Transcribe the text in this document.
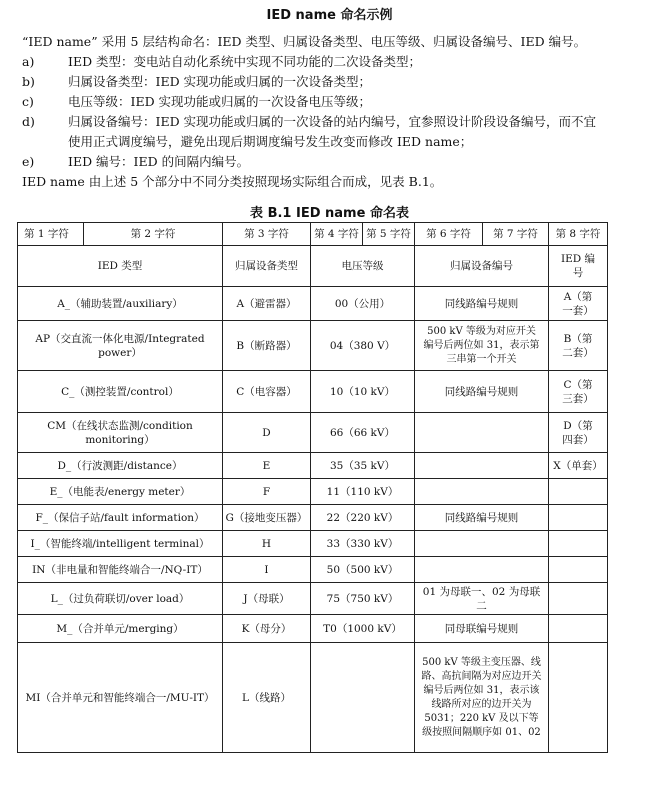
IED name 命名示例
“IED name” 采用 5 层结构命名：IED 类型、归属设备类型、电压等级、归属设备编号、IED 编号。
a)	IED 类型：变电站自动化系统中实现不同功能的二次设备类型；
b)	归属设备类型：IED 实现功能或归属的一次设备类型；
c)	电压等级：IED 实现功能或归属的一次设备电压等级；
d)	归属设备编号：IED 实现功能或归属的一次设备的站内编号，宜参照设计阶段设备编号，而不宜使用正式调度编号，避免出现后期调度编号发生改变而修改 IED name；
e)	IED 编号：IED 的间隔内编号。
IED name 由上述 5 个部分中不同分类按照现场实际组合而成，见表 B.1。
表 B.1 IED name 命名表
第 1 字符	第 2 字符	第 3 字符	第 4 字符	第 5 字符	第 6 字符	第 7 字符	第 8 字符
IED 类型		归属设备类型	电压等级		归属设备编号		IED 编号
A_（辅助装置/auxiliary）		A（避雷器）	00（公用）		同线路编号规则		A（第一套）
AP（交直流一体化电源/Integrated power）		B（断路器）	04（380 V）		500 kV 等级为对应开关编号后两位如 31，表示第三串第一个开关		B（第二套）
C_（测控装置/control）		C（电容器）	10（10 kV）		同线路编号规则		C（第三套）
CM（在线状态监测/condition monitoring）		D	66（66 kV）				D（第四套）
D_（行波测距/distance）		E	35（35 kV）				X（单套）
E_（电能表/energy meter）		F	11（110 kV）				
F_（保信子站/fault information）		G（接地变压器）	22（220 kV）		同线路编号规则		
I_（智能终端/intelligent terminal）		H	33（330 kV）				
IN（非电量和智能终端合一/NQ-IT）		I	50（500 kV）				
L_（过负荷联切/over load）		J（母联）	75（750 kV）		01 为母联一、02 为母联二		
M_（合并单元/merging）		K（母分）	T0（1000 kV）		同母联编号规则		
MI（合并单元和智能终端合一/MU-IT）		L（线路）			500 kV 等级主变压器、线路、高抗间隔为对应边开关编号后两位如 31，表示该线路所对应的边开关为 5031；220 kV 及以下等级按照间隔顺序如 01、02		
